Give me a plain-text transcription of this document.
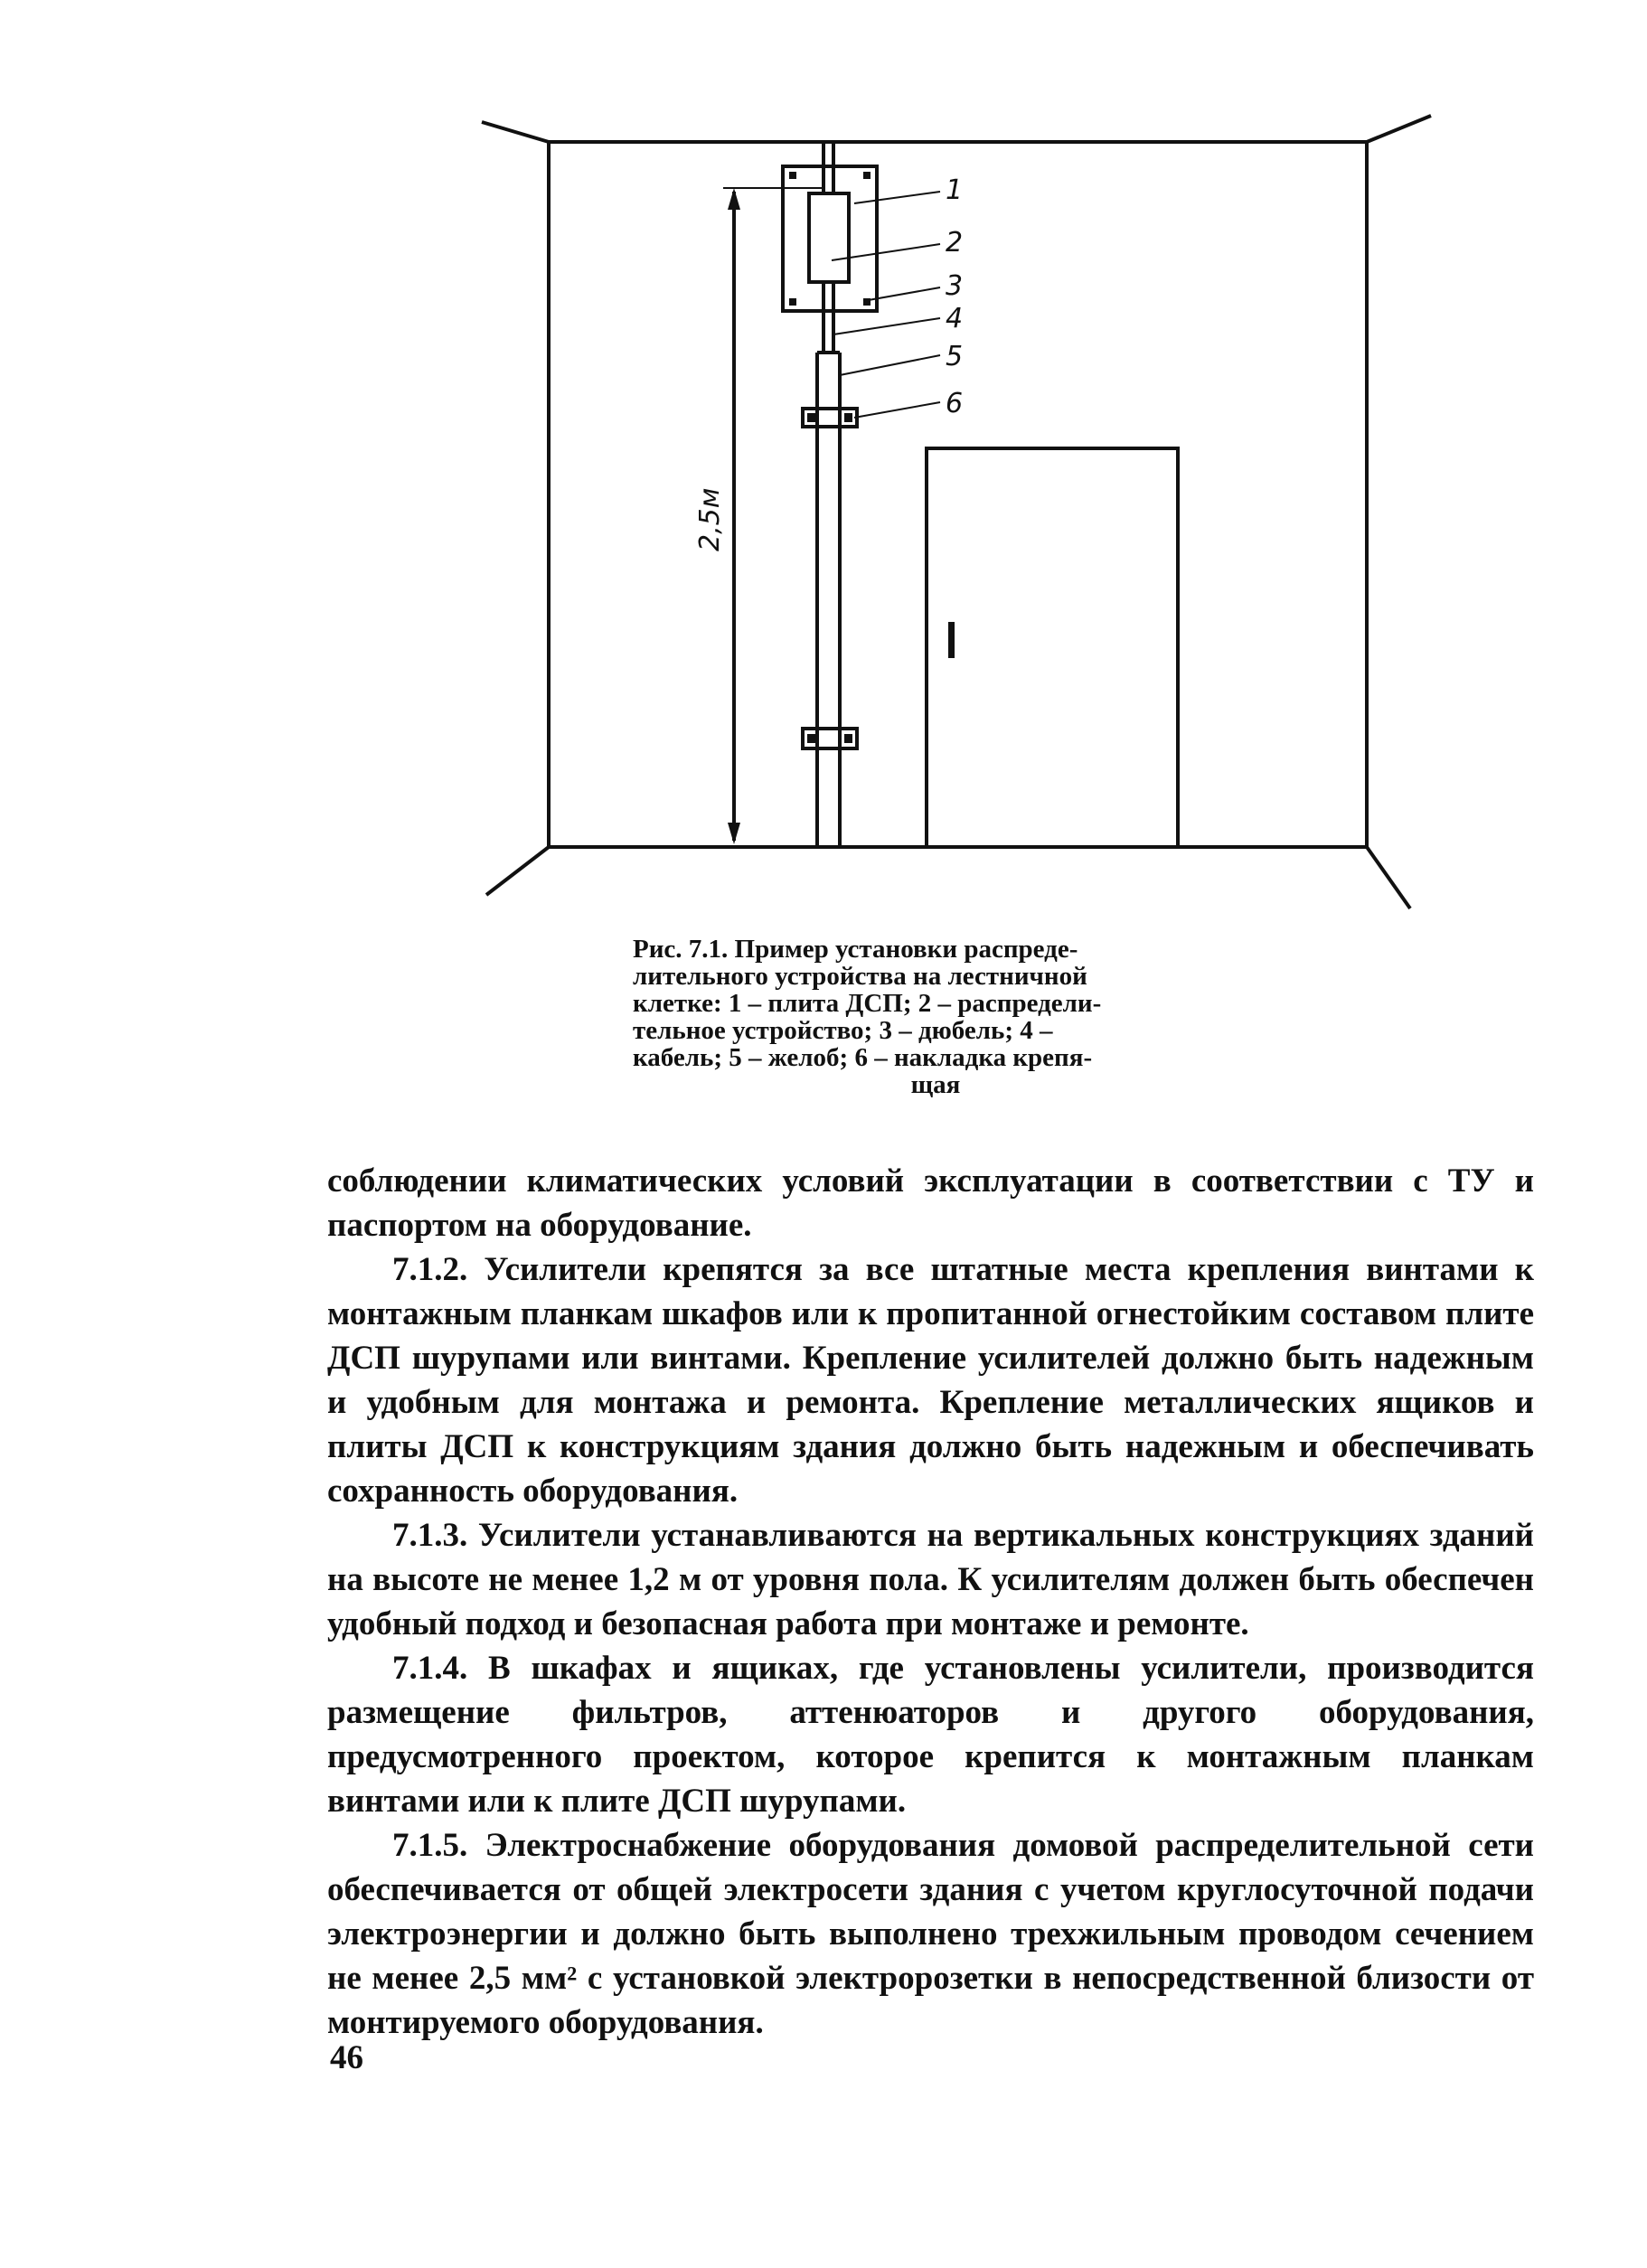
1
2
3
4
5
6
2,5м
Рис. 7.1. Пример установки распреде-
лительного устройства на лестничной
клетке: 1 – плита ДСП; 2 – распредели-
тельное устройство; 3 – дюбель; 4 –
кабель; 5 – желоб; 6 – накладка крепя-
щая

соблюдении климатических условий эксплуатации в соответствии с ТУ и паспортом на оборудование.

7.1.2. Усилители крепятся за все штатные места крепления винтами к монтажным планкам шкафов или к пропитанной огнестойким составом плите ДСП шурупами или винтами. Крепление усилителей должно быть надежным и удобным для монтажа и ремонта. Крепление металлических ящиков и плиты ДСП к конструкциям здания должно быть надежным и обеспечивать сохранность оборудования.

7.1.3. Усилители устанавливаются на вертикальных конструкциях зданий на высоте не менее 1,2 м от уровня пола. К усилителям должен быть обеспечен удобный подход и безопасная работа при монтаже и ремонте.

7.1.4. В шкафах и ящиках, где установлены усилители, производится размещение фильтров, аттенюаторов и другого оборудования, предусмотренного проектом, которое крепится к монтажным планкам винтами или к плите ДСП шурупами.

7.1.5. Электроснабжение оборудования домовой распределительной сети обеспечивается от общей электросети здания с учетом круглосуточной подачи электроэнергии и должно быть выполнено трехжильным проводом сечением не менее 2,5 мм² с установкой электророзетки в непосредственной близости от монтируемого оборудования.

46
